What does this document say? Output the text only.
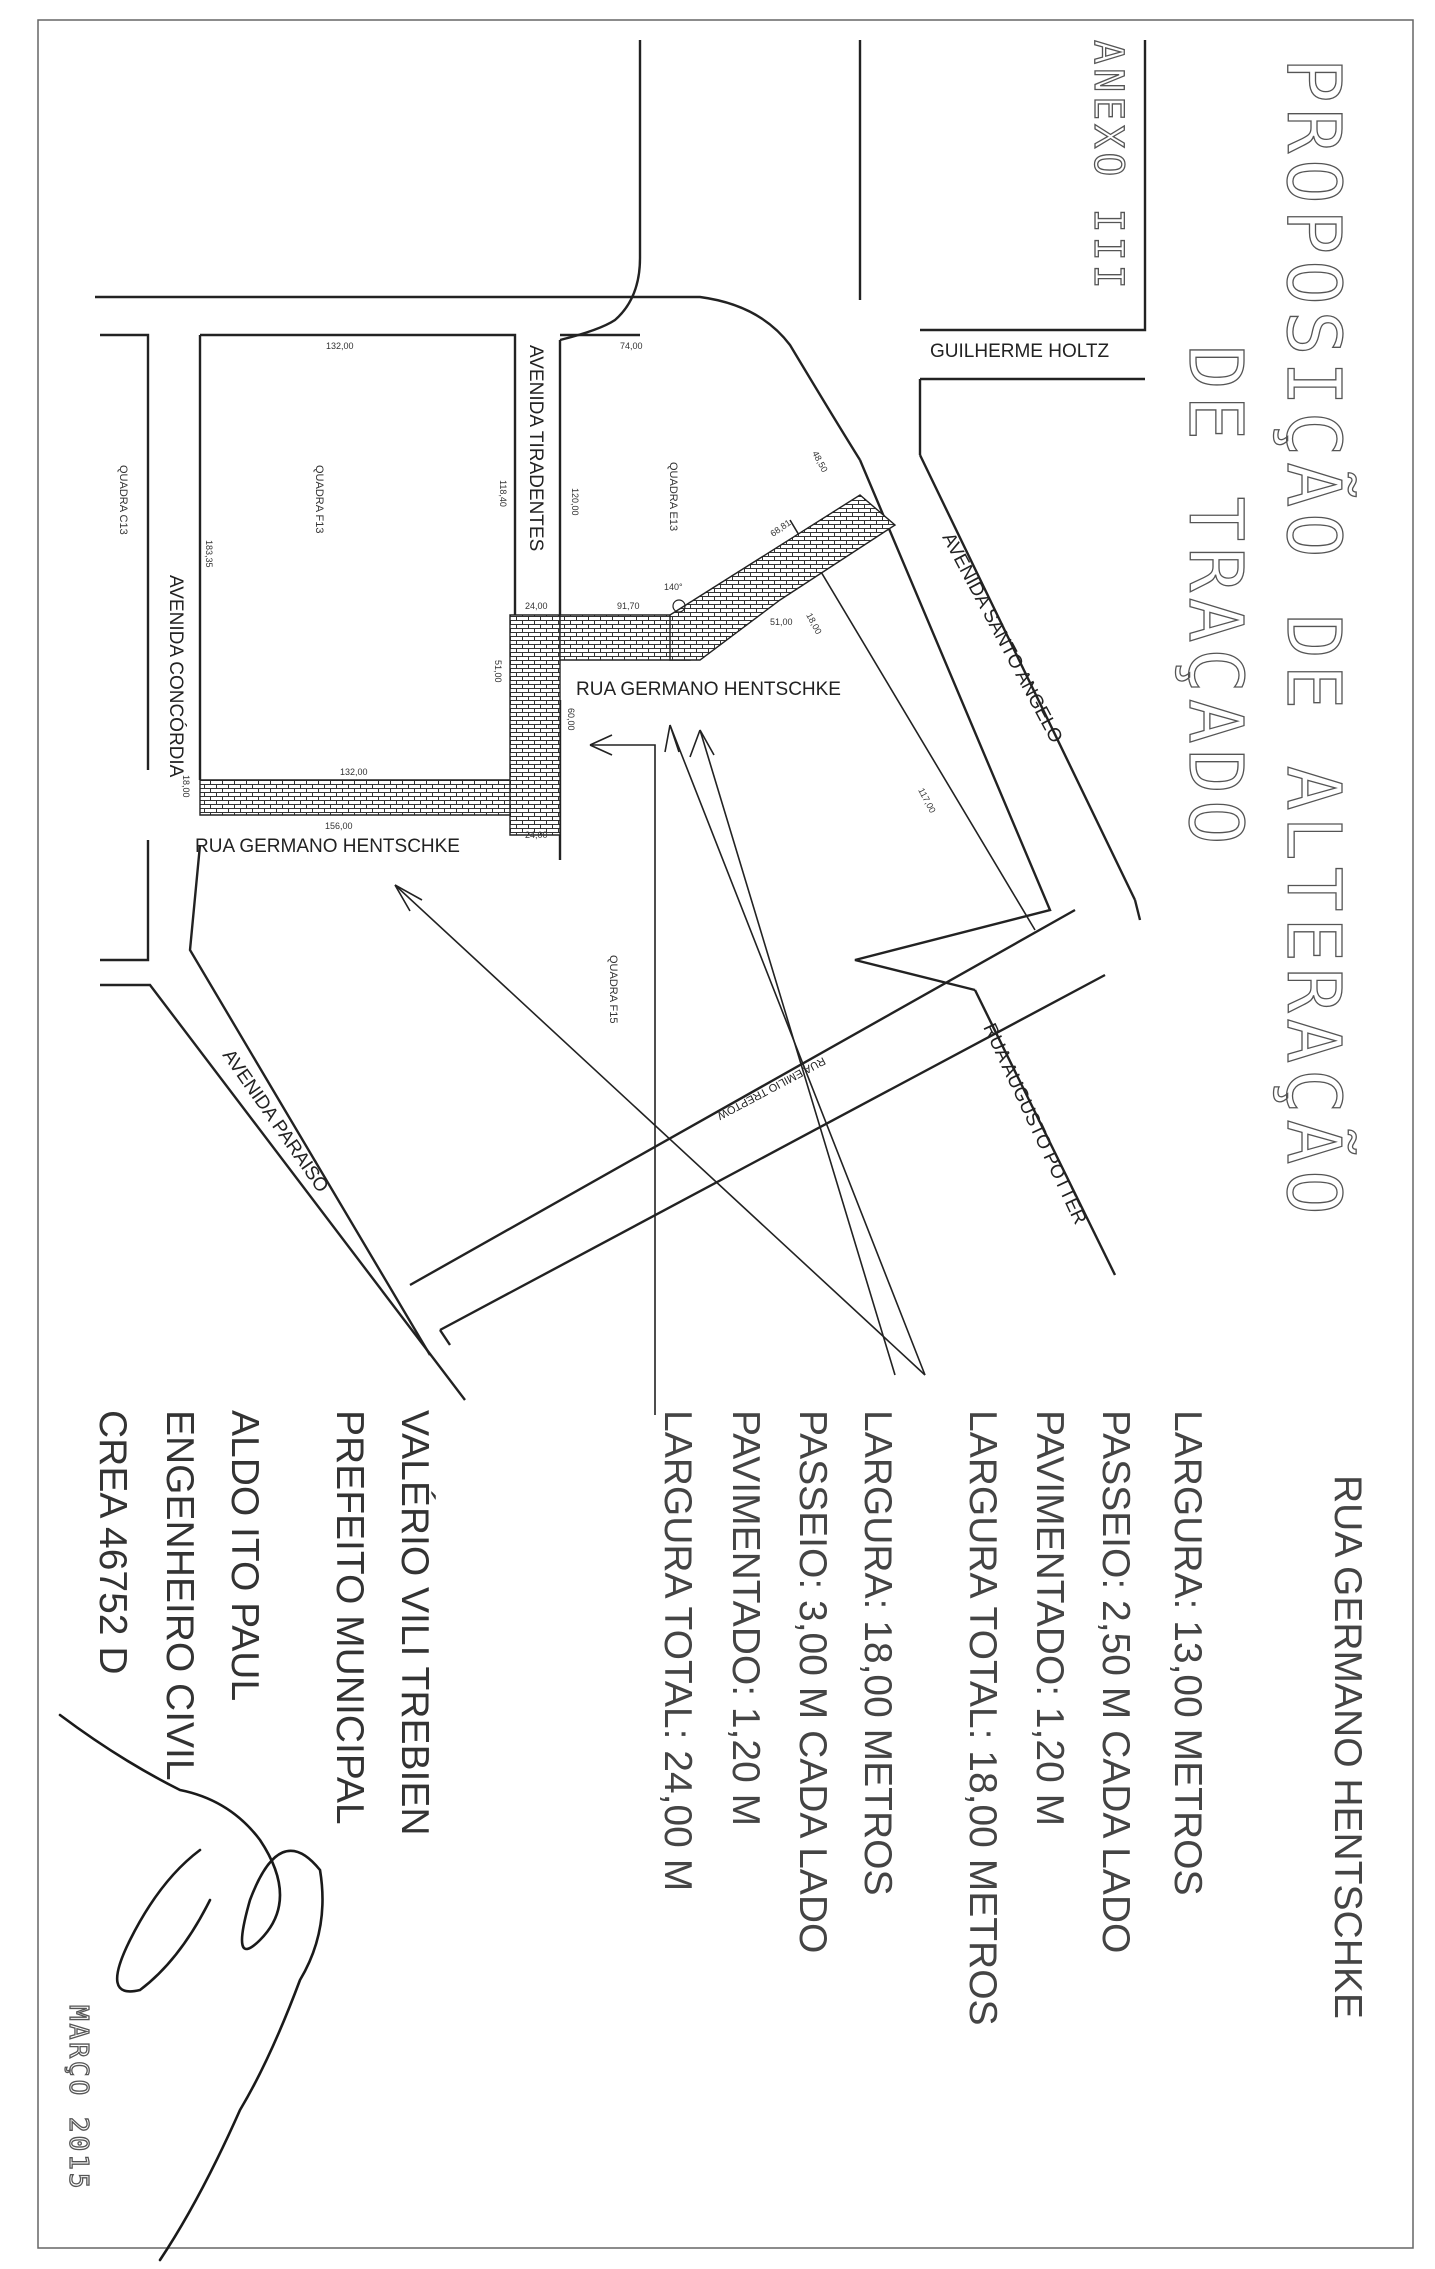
PROPOSIÇÃO DE ALTERAÇÃO
DE TRAÇADO
ANEXO III
GUILHERME HOLTZ
AVENIDA TIRADENTES
AVENIDA SANTO ANGELO
RUA GERMANO HENTSCHKE
RUA GERMANO HENTSCHKE
AVENIDA CONCÓRDIA
RUA AUGUSTO POTTER
RUA EMILIO TREPTOW
AVENIDA PARAÍSO
QUADRA C13	QUADRA F13	QUADRA E13
QUADRA F15
132,00	74,00
48,50
118,40	120,00
183,35
24,00	91,70
140°
68,81
51,00 18,00
51,00
60,00
117,00
132,00
18,00
156,00
24,00
RUA GERMANO HENTSCHKE
LARGURA: 13,00 METROS
PASSEIO: 2,50 M CADA LADO
PAVIMENTADO: 1,20 M
LARGURA TOTAL: 18,00 METROS
LARGURA: 18,00 METROS
PASSEIO: 3,00 M CADA LADO
PAVIMENTADO: 1,20 M
LARGURA TOTAL: 24,00 M
VALÉRIO VILI TREBIEN
PREFEITO MUNICIPAL
ALDO ITO PAUL
ENGENHEIRO CIVIL
CREA 46752 D
MARÇO 2015
